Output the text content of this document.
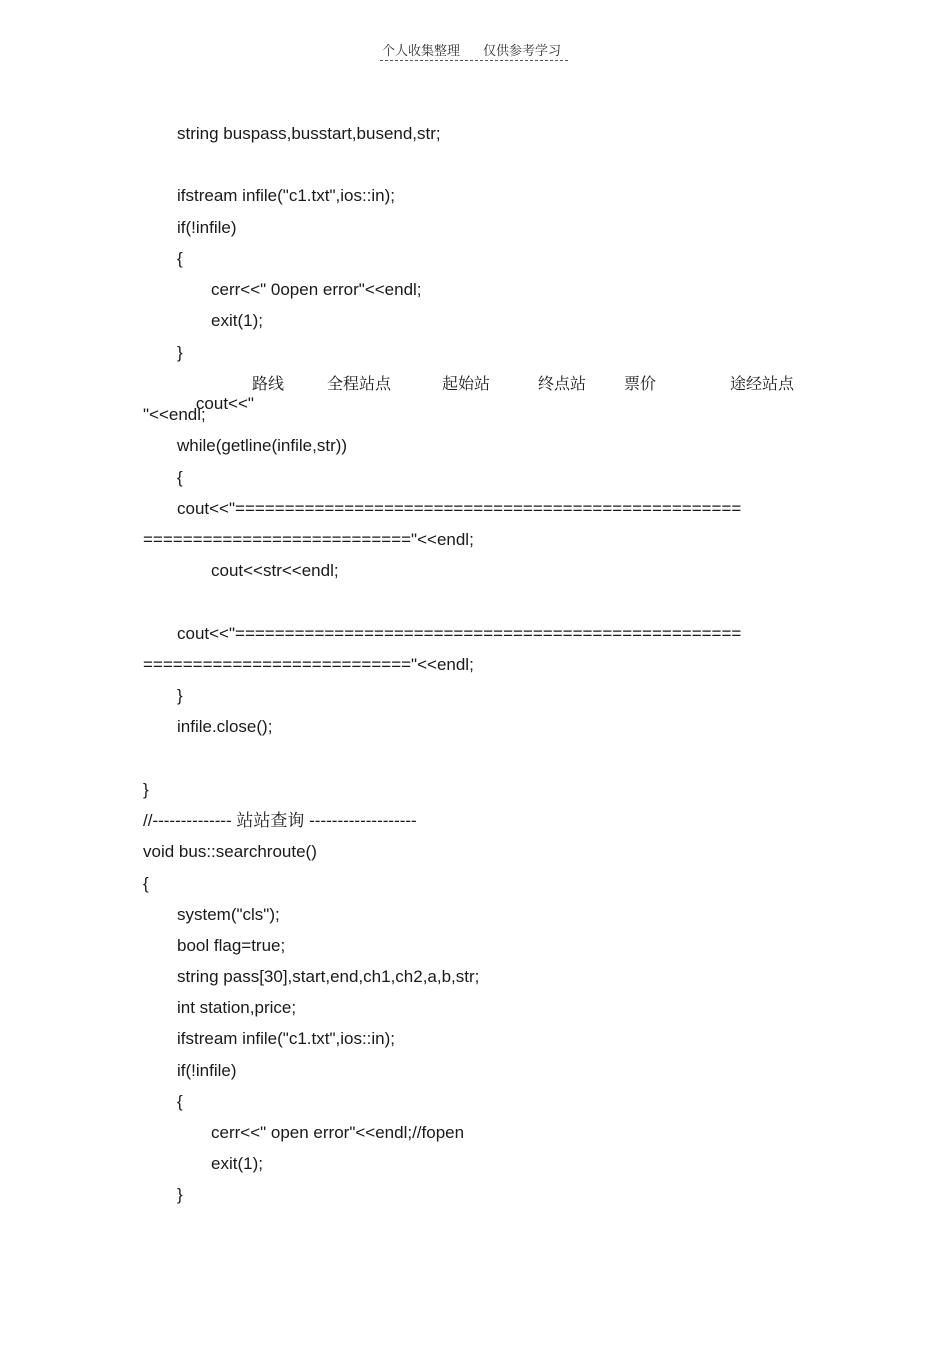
个人收集整理 仅供参考学习
string buspass,busstart,busend,str;
ifstream infile("c1.txt",ios::in);
if(!infile)
{
cerr<<" 0open error"<<endl;
exit(1);
}

cout<<"

路线

	全程站点

	起始站

	终点站

票价

	途经站点

"<<endl;
while(getline(infile,str))
{
cout<<"===================================================
==========================="<<endl;
cout<<str<<endl;
cout<<"===================================================
==========================="<<endl;
}
infile.close();
}
//-------------- 站站查询 -------------------
void bus::searchroute()
{
system("cls");
bool flag=true;
string pass[30],start,end,ch1,ch2,a,b,str;
int station,price;
ifstream infile("c1.txt",ios::in);
if(!infile)
{
cerr<<" open error"<<endl;//fopen
exit(1);
}
